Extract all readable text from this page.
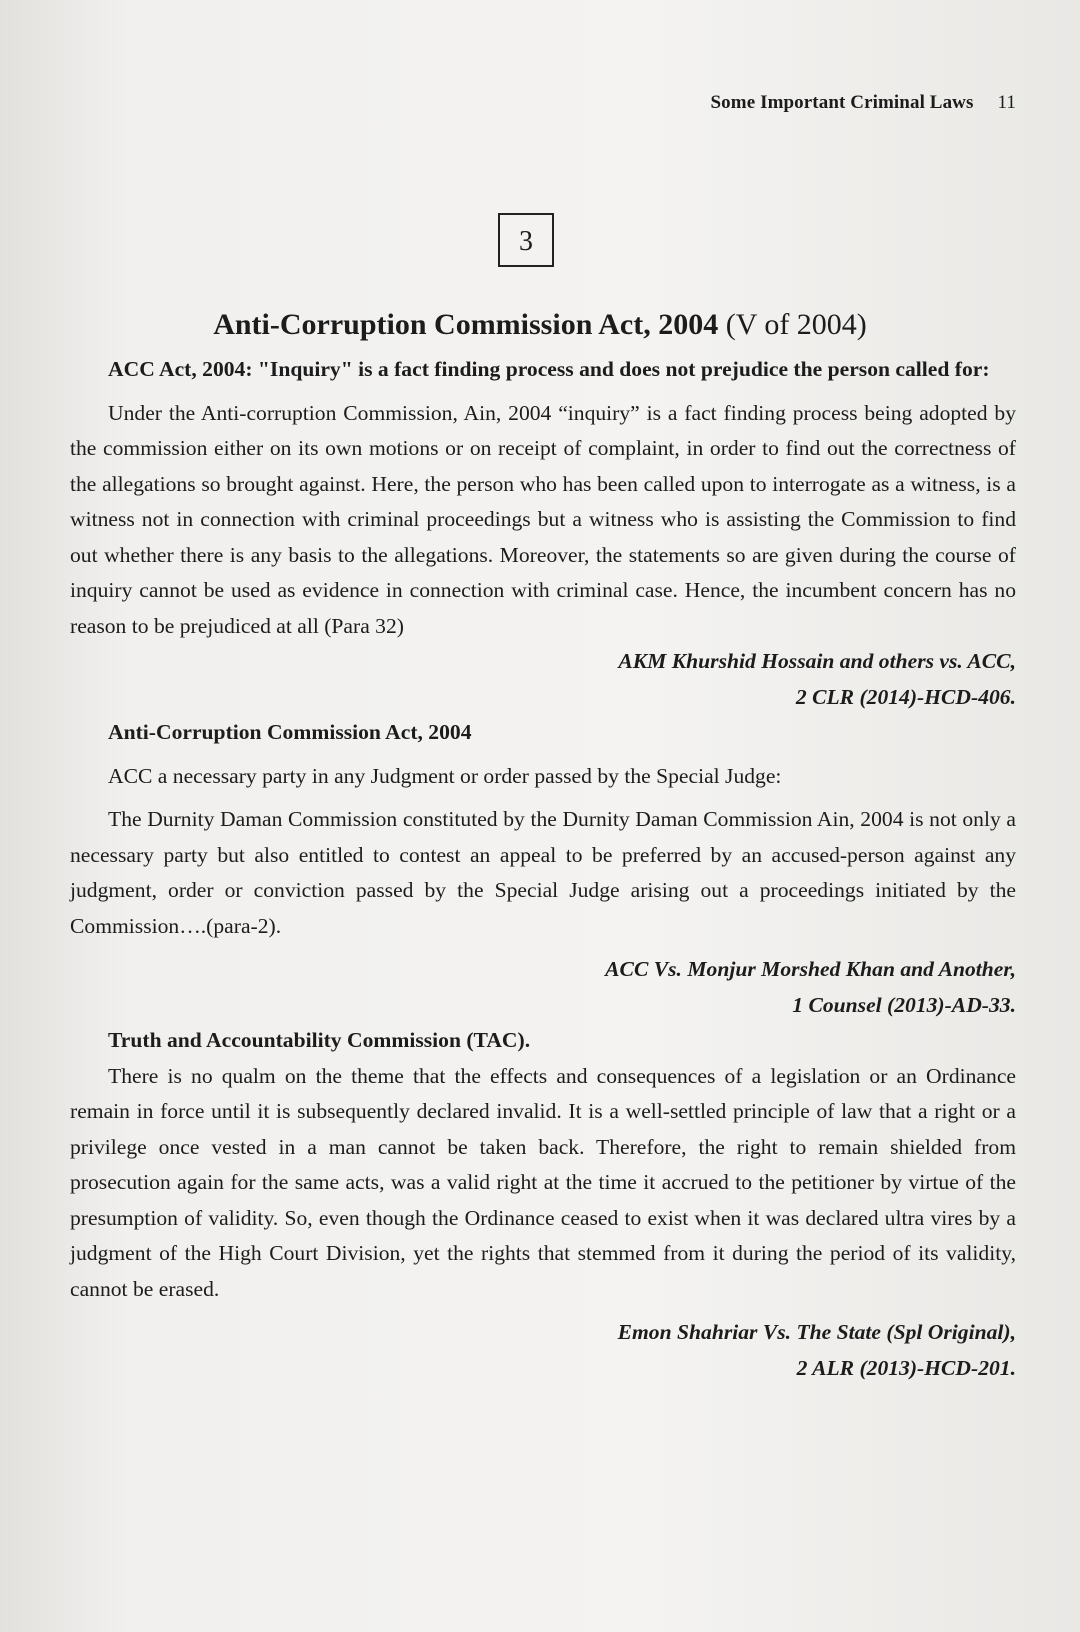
Some Important Criminal Laws 11
3
Anti-Corruption Commission Act, 2004 (V of 2004)

ACC Act, 2004: "Inquiry" is a fact finding process and does not prejudice the person called for:

Under the Anti-corruption Commission, Ain, 2004 “inquiry” is a fact finding process being adopted by the commission either on its own motions or on receipt of complaint, in order to find out the correctness of the allegations so brought against. Here, the person who has been called upon to interrogate as a witness, is a witness not in connection with criminal proceedings but a witness who is assisting the Commission to find out whether there is any basis to the allegations. Moreover, the statements so are given during the course of inquiry cannot be used as evidence in connection with criminal case. Hence, the incumbent concern has no reason to be prejudiced at all (Para 32)

AKM Khurshid Hossain and others vs. ACC,

2 CLR (2014)-HCD-406.

Anti-Corruption Commission Act, 2004

ACC a necessary party in any Judgment or order passed by the Special Judge:

The Durnity Daman Commission constituted by the Durnity Daman Commission Ain, 2004 is not only a necessary party but also entitled to contest an appeal to be preferred by an accused-person against any judgment, order or conviction passed by the Special Judge arising out a proceedings initiated by the Commission….(para-2).

ACC Vs. Monjur Morshed Khan and Another,

1 Counsel (2013)-AD-33.

Truth and Accountability Commission (TAC).

There is no qualm on the theme that the effects and consequences of a legislation or an Ordinance remain in force until it is subsequently declared invalid. It is a well-settled principle of law that a right or a privilege once vested in a man cannot be taken back. Therefore, the right to remain shielded from prosecution again for the same acts, was a valid right at the time it accrued to the petitioner by virtue of the presumption of validity. So, even though the Ordinance ceased to exist when it was declared ultra vires by a judgment of the High Court Division, yet the rights that stemmed from it during the period of its validity, cannot be erased.

Emon Shahriar Vs. The State (Spl Original),

2 ALR (2013)-HCD-201.
